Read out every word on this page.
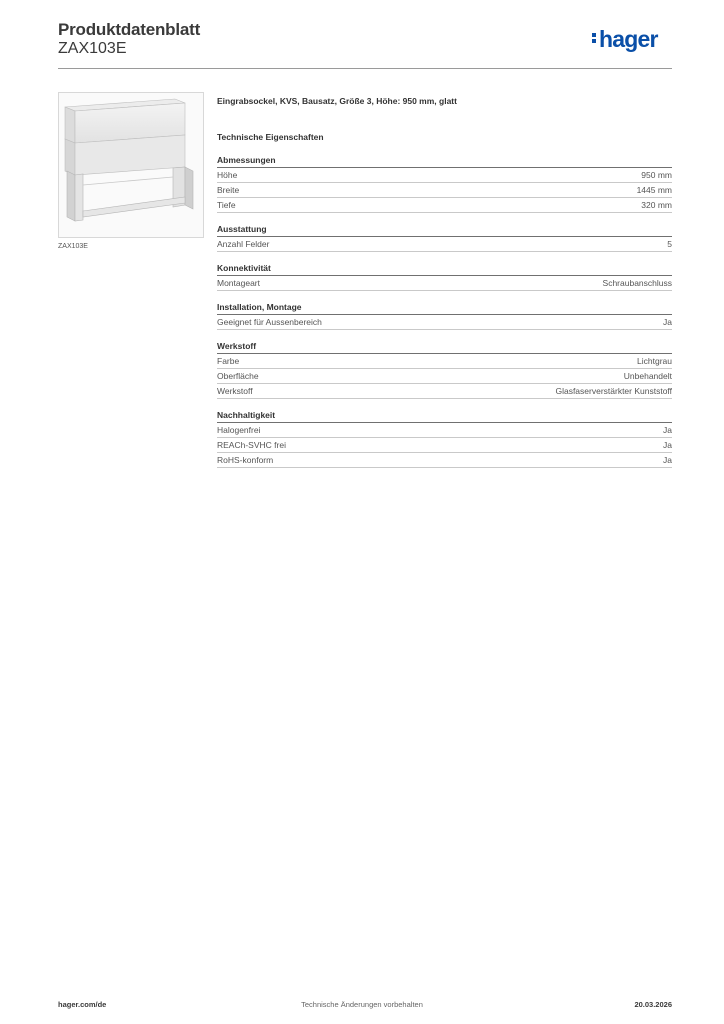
Produktdatenblatt
ZAX103E	hager
ZAX103E
Eingrabsockel, KVS, Bausatz, Größe 3, Höhe: 950 mm, glatt
Technische Eigenschaften
Abmessungen
Höhe	950 mm
Breite	1445 mm
Tiefe	320 mm
Ausstattung
Anzahl Felder	5
Konnektivität
Montageart	Schraubanschluss
Installation, Montage
Geeignet für Aussenbereich	Ja
Werkstoff
Farbe	Lichtgrau
Oberfläche	Unbehandelt
Werkstoff	Glasfaserverstärkter Kunststoff
Nachhaltigkeit
Halogenfrei	Ja
REACh-SVHC frei	Ja
RoHS-konform	Ja
hager.com/de	Technische Änderungen vorbehalten	20.03.2026
